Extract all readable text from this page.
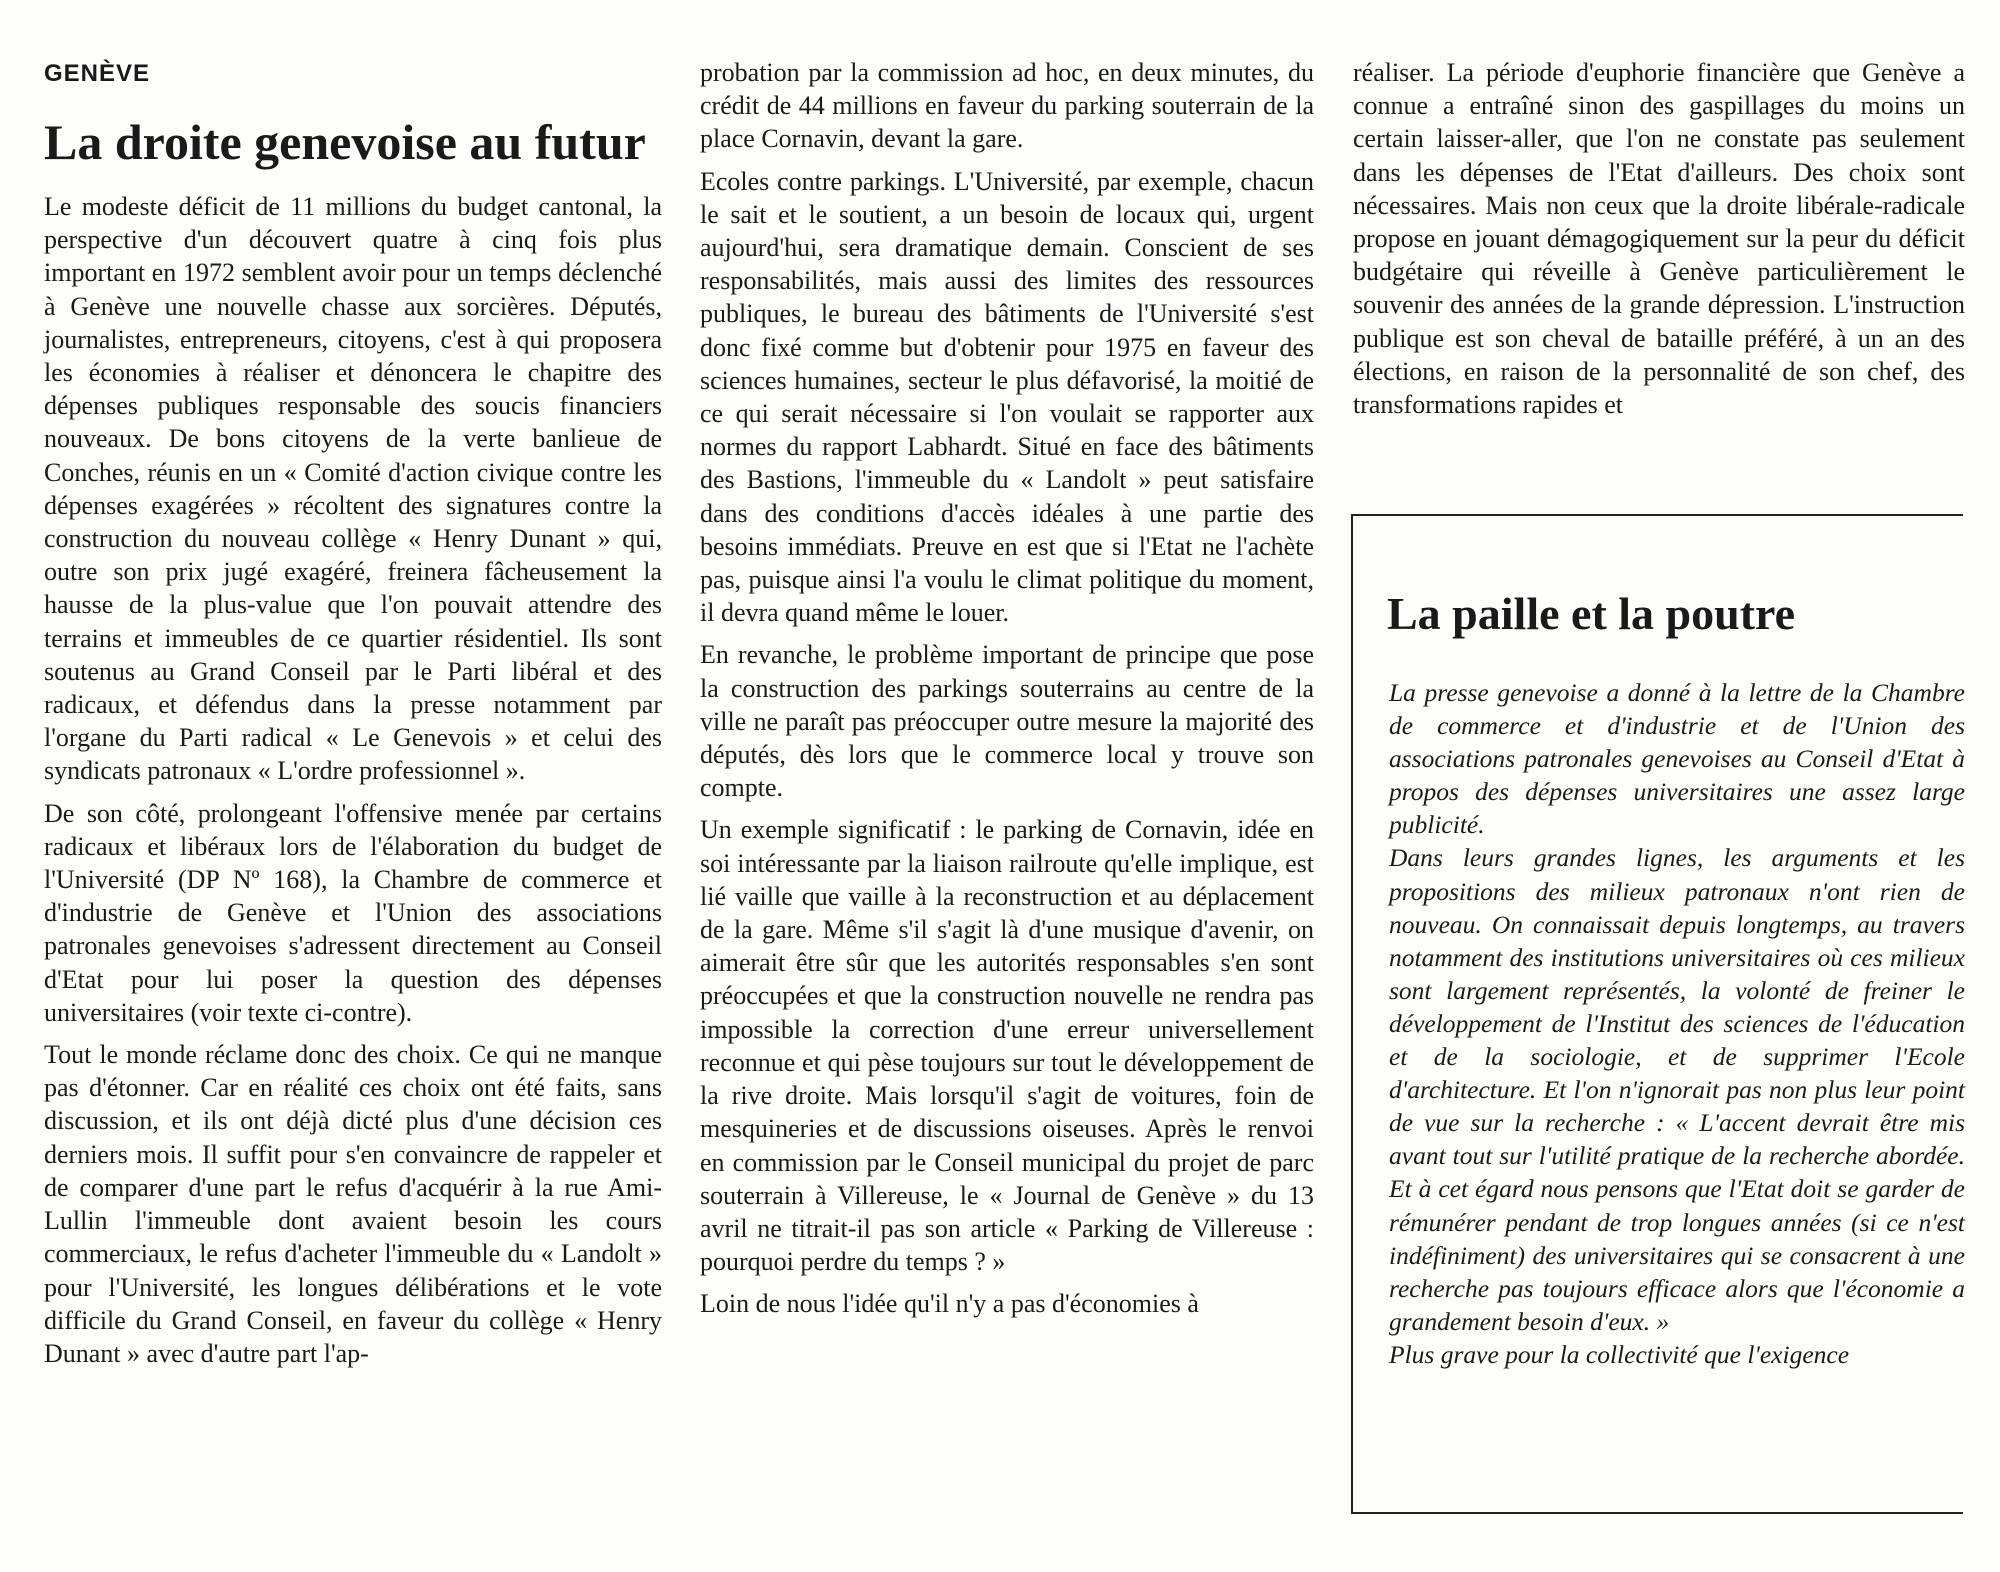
GENÈVE
La droite genevoise au futur

Le modeste déficit de 11 millions du budget cantonal, la perspective d'un découvert quatre à cinq fois plus important en 1972 semblent avoir pour un temps déclenché à Genève une nouvelle chasse aux sorcières. Députés, journalistes, entrepreneurs, citoyens, c'est à qui proposera les économies à réaliser et dénoncera le chapitre des dépenses publiques responsable des soucis financiers nouveaux. De bons citoyens de la verte banlieue de Conches, réunis en un « Comité d'action civique contre les dépenses exagérées » récoltent des signatures contre la construction du nouveau collège « Henry Dunant » qui, outre son prix jugé exagéré, freinera fâcheusement la hausse de la plus-value que l'on pouvait attendre des terrains et immeubles de ce quartier résidentiel. Ils sont soutenus au Grand Conseil par le Parti libéral et des radicaux, et défendus dans la presse notamment par l'organe du Parti radical « Le Genevois » et celui des syndicats patronaux « L'ordre professionnel ».

De son côté, prolongeant l'offensive menée par certains radicaux et libéraux lors de l'élaboration du budget de l'Université (DP Nº 168), la Chambre de commerce et d'industrie de Genève et l'Union des associations patronales genevoises s'adressent directement au Conseil d'Etat pour lui poser la question des dépenses universitaires (voir texte ci-contre).

Tout le monde réclame donc des choix. Ce qui ne manque pas d'étonner. Car en réalité ces choix ont été faits, sans discussion, et ils ont déjà dicté plus d'une décision ces derniers mois. Il suffit pour s'en convaincre de rappeler et de comparer d'une part le refus d'acquérir à la rue Ami-Lullin l'immeuble dont avaient besoin les cours commerciaux, le refus d'acheter l'immeuble du « Landolt » pour l'Université, les longues délibérations et le vote difficile du Grand Conseil, en faveur du collège « Henry Dunant » avec d'autre part l'ap-

probation par la commission ad hoc, en deux minutes, du crédit de 44 millions en faveur du parking souterrain de la place Cornavin, devant la gare.

Ecoles contre parkings. L'Université, par exemple, chacun le sait et le soutient, a un besoin de locaux qui, urgent aujourd'hui, sera dramatique demain. Conscient de ses responsabilités, mais aussi des limites des ressources publiques, le bureau des bâtiments de l'Université s'est donc fixé comme but d'obtenir pour 1975 en faveur des sciences humaines, secteur le plus défavorisé, la moitié de ce qui serait nécessaire si l'on voulait se rapporter aux normes du rapport Labhardt. Situé en face des bâtiments des Bastions, l'immeuble du « Landolt » peut satisfaire dans des conditions d'accès idéales à une partie des besoins immédiats. Preuve en est que si l'Etat ne l'achète pas, puisque ainsi l'a voulu le climat politique du moment, il devra quand même le louer.

En revanche, le problème important de principe que pose la construction des parkings souterrains au centre de la ville ne paraît pas préoccuper outre mesure la majorité des députés, dès lors que le commerce local y trouve son compte.

Un exemple significatif : le parking de Cornavin, idée en soi intéressante par la liaison railroute qu'elle implique, est lié vaille que vaille à la reconstruction et au déplacement de la gare. Même s'il s'agit là d'une musique d'avenir, on aimerait être sûr que les autorités responsables s'en sont préoccupées et que la construction nouvelle ne rendra pas impossible la correction d'une erreur universellement reconnue et qui pèse toujours sur tout le développement de la rive droite. Mais lorsqu'il s'agit de voitures, foin de mesquineries et de discussions oiseuses. Après le renvoi en commission par le Conseil municipal du projet de parc souterrain à Villereuse, le « Journal de Genève » du 13 avril ne titrait-il pas son article « Parking de Villereuse : pourquoi perdre du temps ? »

Loin de nous l'idée qu'il n'y a pas d'économies à

réaliser. La période d'euphorie financière que Genève a connue a entraîné sinon des gaspillages du moins un certain laisser-aller, que l'on ne constate pas seulement dans les dépenses de l'Etat d'ailleurs. Des choix sont nécessaires. Mais non ceux que la droite libérale-radicale propose en jouant démagogiquement sur la peur du déficit budgétaire qui réveille à Genève particulièrement le souvenir des années de la grande dépression. L'instruction publique est son cheval de bataille préféré, à un an des élections, en raison de la personnalité de son chef, des transformations rapides et

La paille et la poutre

La presse genevoise a donné à la lettre de la Chambre de commerce et d'industrie et de l'Union des associations patronales genevoises au Conseil d'Etat à propos des dépenses universitaires une assez large publicité.

Dans leurs grandes lignes, les arguments et les propositions des milieux patronaux n'ont rien de nouveau. On connaissait depuis longtemps, au travers notamment des institutions universitaires où ces milieux sont largement représentés, la volonté de freiner le développement de l'Institut des sciences de l'éducation et de la sociologie, et de supprimer l'Ecole d'architecture. Et l'on n'ignorait pas non plus leur point de vue sur la recherche : « L'accent devrait être mis avant tout sur l'utilité pratique de la recherche abordée. Et à cet égard nous pensons que l'Etat doit se garder de rémunérer pendant de trop longues années (si ce n'est indéfiniment) des universitaires qui se consacrent à une recherche pas toujours efficace alors que l'économie a grandement besoin d'eux. »

Plus grave pour la collectivité que l'exigence
